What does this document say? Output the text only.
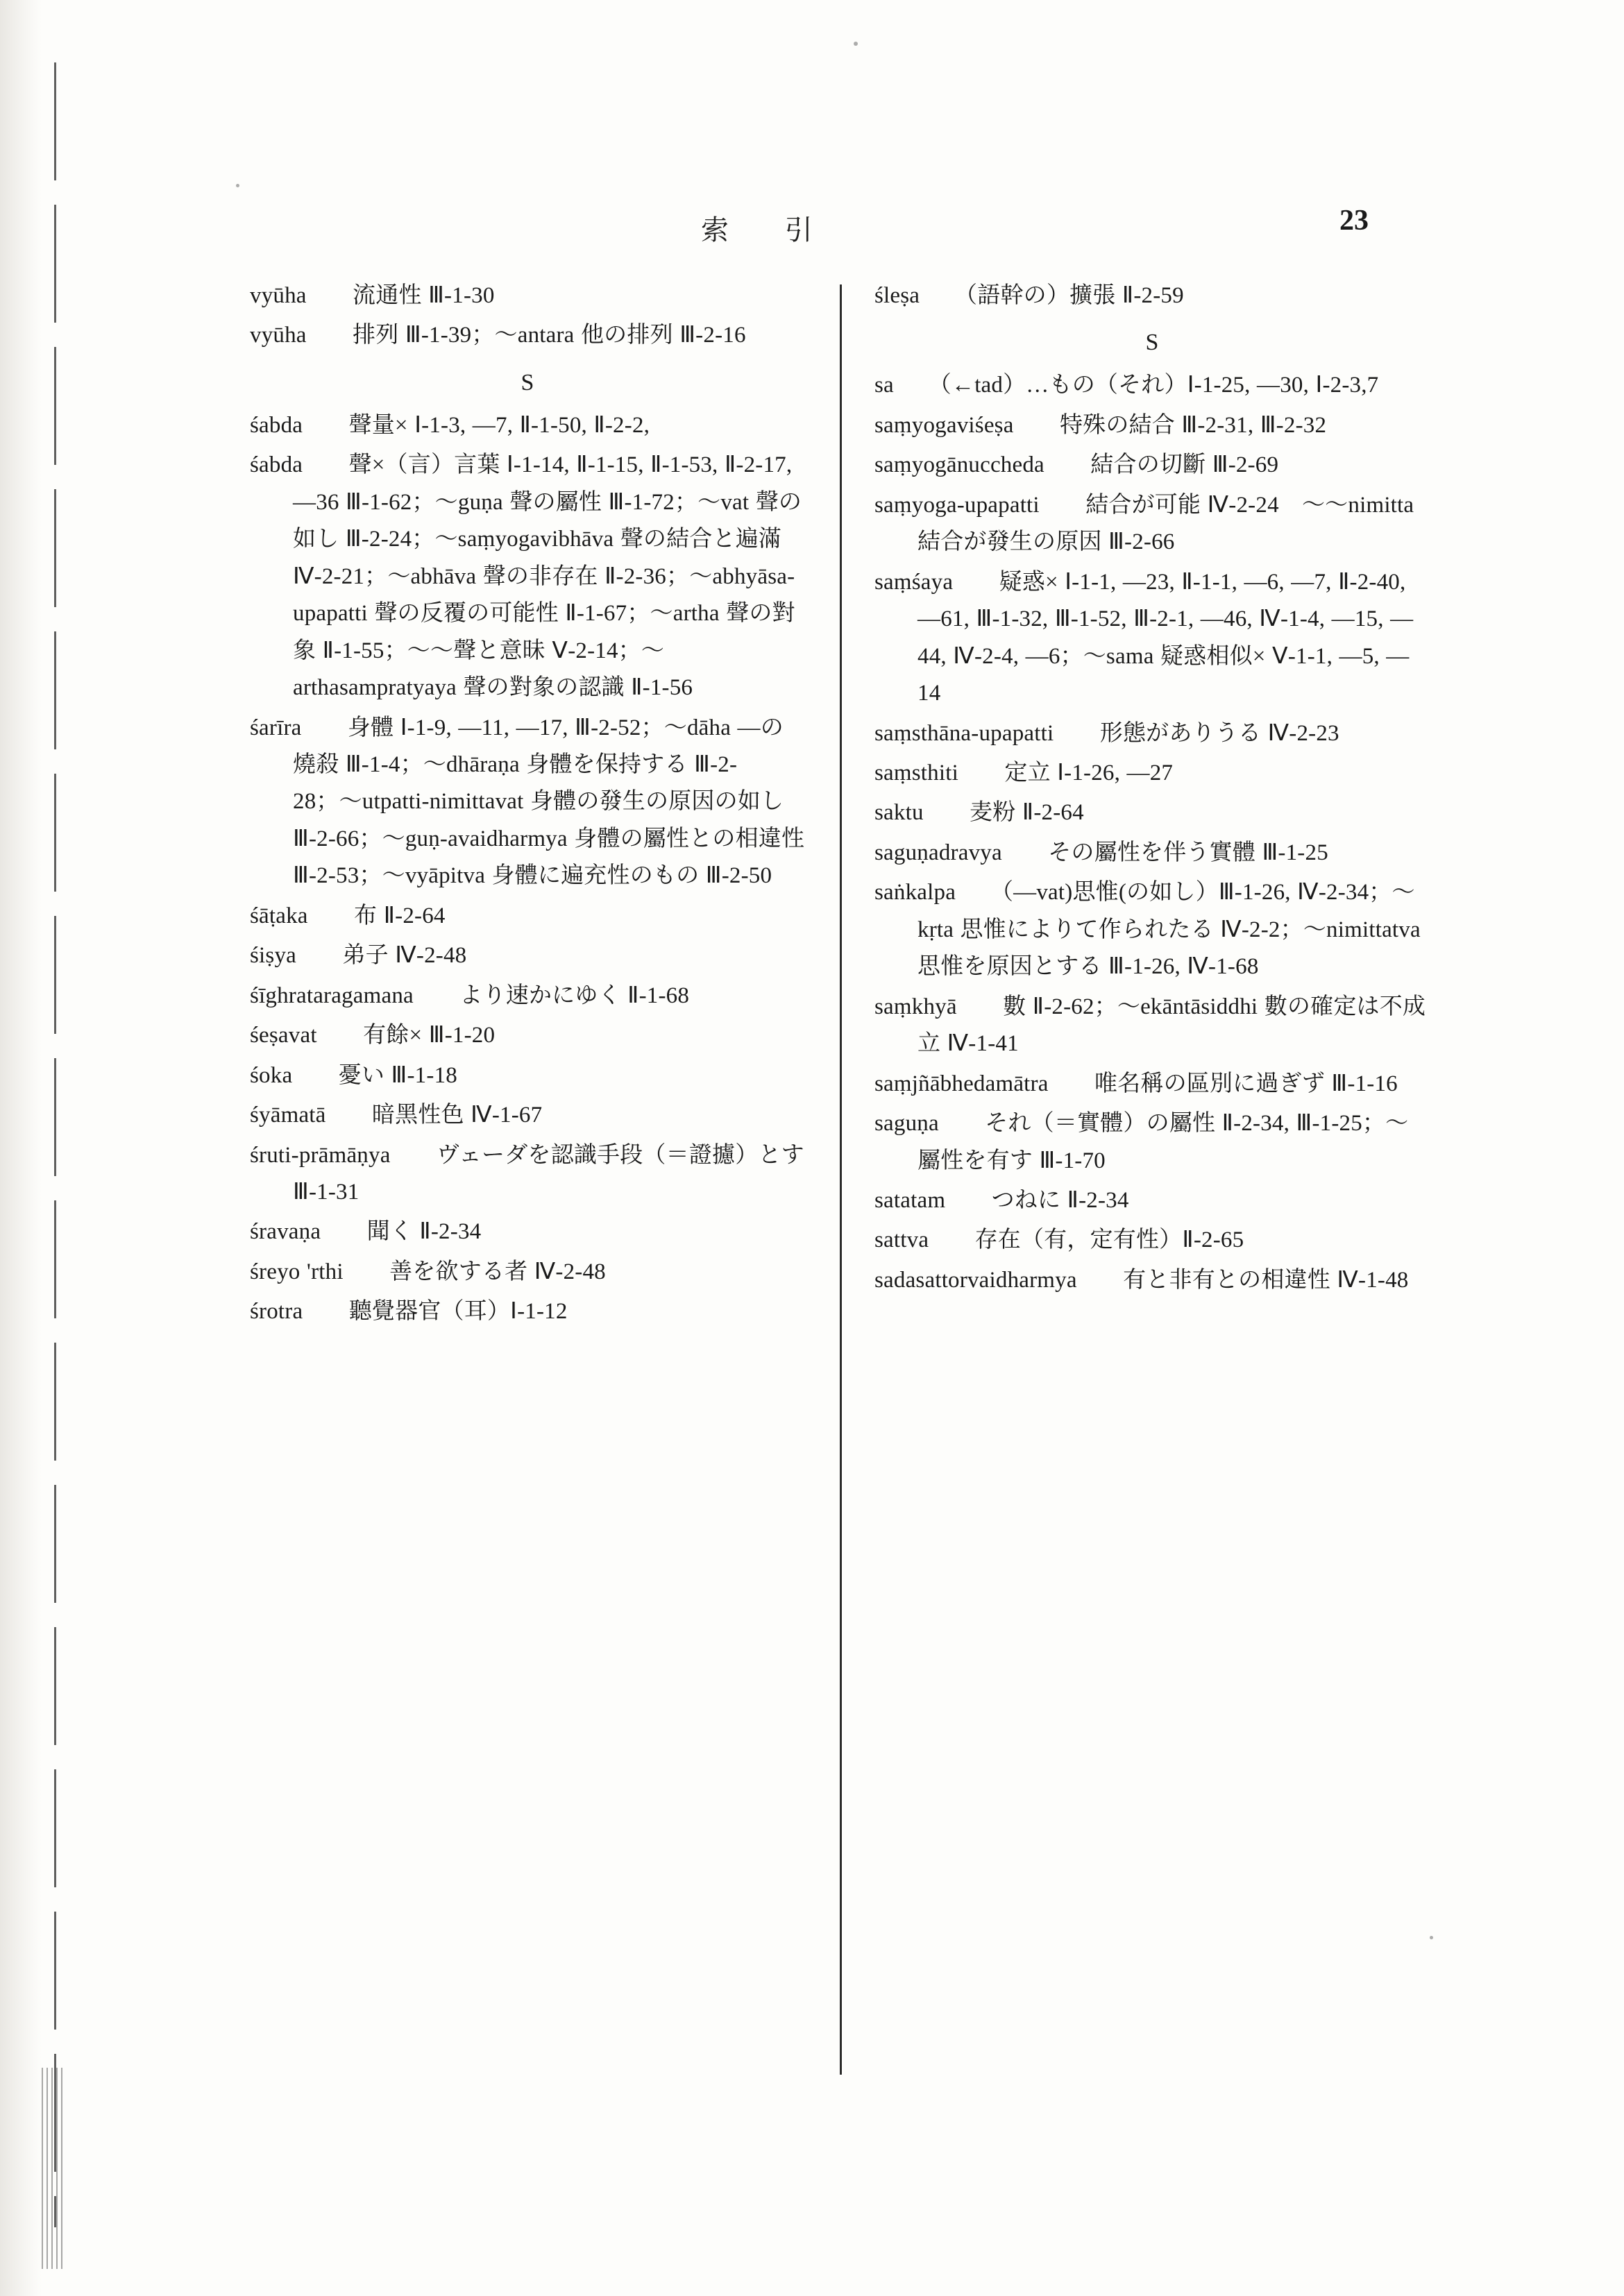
索 引	23
vyūha　　流通性 Ⅲ-1-30
vyūha　　排列 Ⅲ-1-39；〜antara 他の排列 Ⅲ-2-16
S
śabda　　聲量× Ⅰ-1-3, —7, Ⅱ-1-50, Ⅱ-2-2,
śabda　　聲×（言）言葉 Ⅰ-1-14, Ⅱ-1-15, Ⅱ-1-53, Ⅱ-2-17, —36 Ⅲ-1-62；〜guṇa 聲の屬性 Ⅲ-1-72；〜vat 聲の如し Ⅲ-2-24；〜saṃyogavibhāva 聲の結合と遍滿 Ⅳ-2-21；〜abhāva 聲の非存在 Ⅱ-2-36；〜abhyāsa-upapatti 聲の反覆の可能性 Ⅱ-1-67；〜artha 聲の對象 Ⅱ-1-55；〜〜聲と意昧 Ⅴ-2-14；〜arthasampratyaya 聲の對象の認識 Ⅱ-1-56
śarīra　　身體 Ⅰ-1-9, —11, —17, Ⅲ-2-52；〜dāha —の燒殺 Ⅲ-1-4；〜dhāraṇa 身體を保持する Ⅲ-2-28；〜utpatti-nimittavat 身體の發生の原因の如し Ⅲ-2-66；〜guṇ-avaidharmya 身體の屬性との相違性 Ⅲ-2-53；〜vyāpitva 身體に遍充性のもの Ⅲ-2-50
śāṭaka　　布 Ⅱ-2-64
śiṣya　　弟子 Ⅳ-2-48
śīghrataragamana　　より速かにゆく Ⅱ-1-68
śeṣavat　　有餘× Ⅲ-1-20
śoka　　憂い Ⅲ-1-18
śyāmatā　　暗黑性色 Ⅳ-1-67
śruti-prāmāṇya　　ヴェーダを認識手段（＝證攄）とす Ⅲ-1-31
śravaṇa　　聞く Ⅱ-2-34
śreyo 'rthi　　善を欲する者 Ⅳ-2-48
śrotra　　聽覺器官（耳）Ⅰ-1-12
śleṣa　　（語幹の）擴張 Ⅱ-2-59
S
sa　　（←tad）…もの（それ）Ⅰ-1-25, —30, Ⅰ-2-3,7
saṃyogaviśeṣa　　特殊の結合 Ⅲ-2-31, Ⅲ-2-32
saṃyogānuccheda　　結合の切斷 Ⅲ-2-69
saṃyoga-upapatti　　結合が可能 Ⅳ-2-24　〜〜nimitta 結合が發生の原因 Ⅲ-2-66
saṃśaya　　疑惑× Ⅰ-1-1, —23, Ⅱ-1-1, —6, —7, Ⅱ-2-40, —61, Ⅲ-1-32, Ⅲ-1-52, Ⅲ-2-1, —46, Ⅳ-1-4, —15, —44, Ⅳ-2-4, —6；〜sama 疑惑相似× Ⅴ-1-1, —5, —14
saṃsthāna-upapatti　　形態がありうる Ⅳ-2-23
saṃsthiti　　定立 Ⅰ-1-26, —27
saktu　　麦粉 Ⅱ-2-64
saguṇadravya　　その屬性を伴う實體 Ⅲ-1-25
saṅkalpa　　（—vat)思惟(の如し）Ⅲ-1-26, Ⅳ-2-34；〜kṛta 思惟によりて作られたる Ⅳ-2-2；〜nimittatva 思惟を原因とする Ⅲ-1-26, Ⅳ-1-68
saṃkhyā　　數 Ⅱ-2-62；〜ekāntāsiddhi 數の確定は不成立 Ⅳ-1-41
saṃjñābhedamātra　　唯名稱の區別に過ぎず Ⅲ-1-16
saguṇa　　それ（＝實體）の屬性 Ⅱ-2-34, Ⅲ-1-25；〜屬性を有す Ⅲ-1-70
satatam　　つねに Ⅱ-2-34
sattva　　存在（有，定有性）Ⅱ-2-65
sadasattorvaidharmya　　有と非有との相違性 Ⅳ-1-48
